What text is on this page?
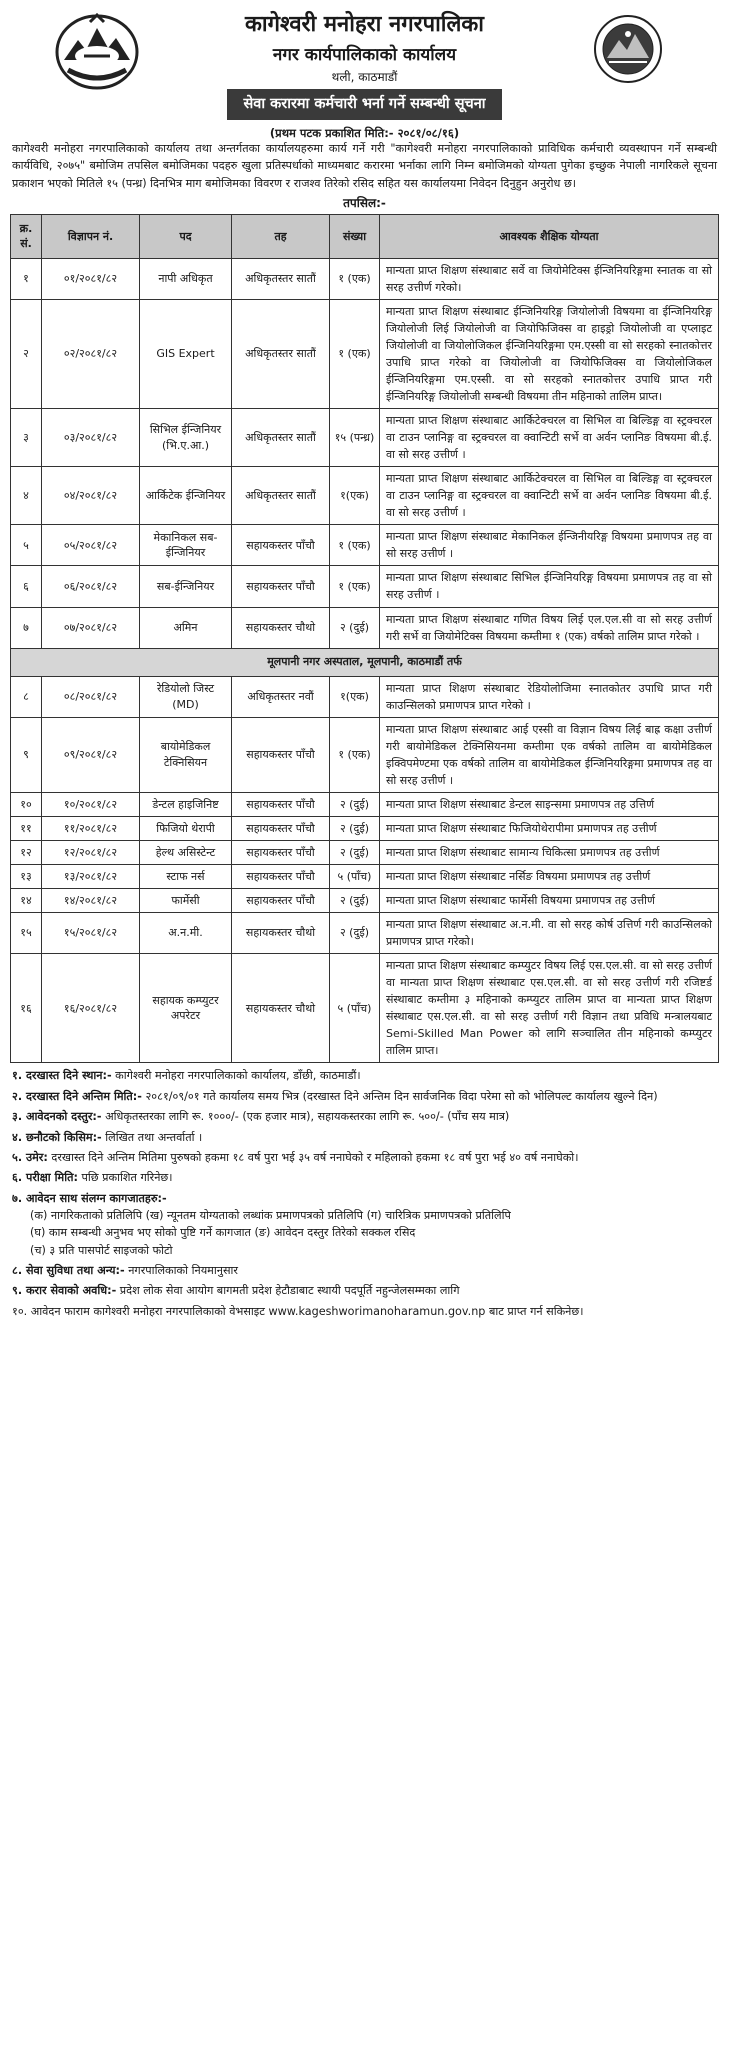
कागेश्वरी मनोहरा नगरपालिका
नगर कार्यपालिकाको कार्यालय
थली, काठमाडौं
सेवा करारमा कर्मचारी भर्ना गर्ने सम्बन्धी सूचना
(प्रथम पटक प्रकाशित मिति:- २०८१/०८/१६)
कागेश्वरी मनोहरा नगरपालिकाको कार्यालय तथा अन्तर्गतका कार्यालयहरुमा कार्य गर्ने गरी "कागेश्वरी मनोहरा नगरपालिकाको प्राविधिक कर्मचारी व्यवस्थापन गर्ने सम्बन्धी कार्यविधि, २०७५" बमोजिम तपसिल बमोजिमका पदहरु खुला प्रतिस्पर्धाको माध्यमबाट करारमा भर्नाका लागि निम्न बमोजिमको योग्यता पुगेका इच्छुक नेपाली नागरिकले सूचना प्रकाशन भएको मितिले १५ (पन्ध्र) दिनभित्र माग बमोजिमका विवरण र राजश्व तिरेको रसिद सहित यस कार्यालयमा निवेदन दिनुहुन अनुरोध छ।
तपसिल:-
क्र. सं.	विज्ञापन नं.	पद	तह	संख्या	आवश्यक शैक्षिक योग्यता
१	०१/२०८१/८२	नापी अधिकृत	अधिकृतस्तर सातौं	१ (एक)	मान्यता प्राप्त शिक्षण संस्थाबाट सर्वे वा जियोमेटिक्स ईन्जिनियरिङ्गमा स्नातक वा सो सरह उत्तीर्ण गरेको।
२	०२/२०८१/८२	GIS Expert	अधिकृतस्तर सातौं	१ (एक)	मान्यता प्राप्त शिक्षण संस्थाबाट ईन्जिनियरिङ्ग जियोलोजी विषयमा वा ईन्जिनियरिङ्ग जियोलोजी लिई जियोलोजी वा जियोफिजिक्स वा हाइड्रो जियोलोजी वा एप्लाइट जियोलोजी वा जियोलोजिकल ईन्जिनियरिङ्गमा एम.एस्सी वा सो सरहको स्नातकोत्तर उपाधि प्राप्त गरेको वा जियोलोजी वा जियोफिजिक्स वा जियोलोजिकल ईन्जिनियरिङ्गमा एम.एस्सी. वा सो सरहको स्नातकोत्तर उपाधि प्राप्त गरी ईन्जिनियरिङ्ग जियोलोजी सम्बन्धी विषयमा तीन महिनाको तालिम प्राप्त।
३	०३/२०८१/८२	सिभिल ईन्जिनियर (भि.ए.आ.)	अधिकृतस्तर सातौं	१५ (पन्ध्र)	मान्यता प्राप्त शिक्षण संस्थाबाट आर्किटेक्चरल वा सिभिल वा बिल्डिङ्ग वा स्ट्रक्चरल वा टाउन प्लानिङ्ग वा स्ट्रक्चरल वा क्वान्टिटी सर्भे वा अर्वन प्लानिङ विषयमा बी.ई. वा सो सरह उत्तीर्ण ।
४	०४/२०८१/८२	आर्किटेक ईन्जिनियर	अधिकृतस्तर सातौं	१(एक)	मान्यता प्राप्त शिक्षण संस्थाबाट आर्किटेक्चरल वा सिभिल वा बिल्डिङ्ग वा स्ट्रक्चरल वा टाउन प्लानिङ्ग वा स्ट्रक्चरल वा क्वान्टिटी सर्भे वा अर्वन प्लानिङ विषयमा बी.ई. वा सो सरह उत्तीर्ण ।
५	०५/२०८१/८२	मेकानिकल सब-ईन्जिनियर	सहायकस्तर पाँचौ	१ (एक)	मान्यता प्राप्त शिक्षण संस्थाबाट मेकानिकल ईन्जिनीयरिङ्ग विषयमा प्रमाणपत्र तह वा सो सरह उत्तीर्ण ।
६	०६/२०८१/८२	सब-ईन्जिनियर	सहायकस्तर पाँचौ	१ (एक)	मान्यता प्राप्त शिक्षण संस्थाबाट सिभिल ईन्जिनियरिङ्ग विषयमा प्रमाणपत्र तह वा सो सरह उत्तीर्ण ।
७	०७/२०८१/८२	अमिन	सहायकस्तर चौथो	२ (दुई)	मान्यता प्राप्त शिक्षण संस्थाबाट गणित विषय लिई एल.एल.सी वा सो सरह उत्तीर्ण गरी सर्भे वा जियोमेटिक्स विषयमा कम्तीमा १ (एक) वर्षको तालिम प्राप्त गरेको ।
मूलपानी नगर अस्पताल, मूलपानी, काठमाडौं तर्फ					
८	०८/२०८१/८२	रेडियोलो जिस्ट (MD)	अधिकृतस्तर नवौं	१(एक)	मान्यता प्राप्त शिक्षण संस्थाबाट रेडियोलोजिमा स्नातकोतर उपाधि प्राप्त गरी काउन्सिलको प्रमाणपत्र प्राप्त गरेको ।
९	०९/२०८१/८२	बायोमेडिकल टेक्निसियन	सहायकस्तर पाँचौ	१ (एक)	मान्यता प्राप्त शिक्षण संस्थाबाट आई एस्सी वा विज्ञान विषय लिई बाह्र कक्षा उत्तीर्ण गरी बायोमेडिकल टेक्निसियनमा कम्तीमा एक वर्षको तालिम वा बायोमेडिकल इक्विपमेण्टमा एक वर्षको तालिम वा बायोमेडिकल ईन्जिनियरिङ्गमा प्रमाणपत्र तह वा सो सरह उत्तीर्ण ।
१०	१०/२०८१/८२	डेन्टल हाइजिनिष्ट	सहायकस्तर पाँचौ	२ (दुई)	मान्यता प्राप्त शिक्षण संस्थाबाट डेन्टल साइन्समा प्रमाणपत्र तह उत्तिर्ण
११	११/२०८१/८२	फिजियो थेरापी	सहायकस्तर पाँचौ	२ (दुई)	मान्यता प्राप्त शिक्षण संस्थाबाट फिजियोथेरापीमा प्रमाणपत्र तह उत्तीर्ण
१२	१२/२०८१/८२	हेल्थ असिस्टेन्ट	सहायकस्तर पाँचौ	२ (दुई)	मान्यता प्राप्त शिक्षण संस्थाबाट सामान्य चिकित्सा प्रमाणपत्र तह उत्तीर्ण
१३	१३/२०८१/८२	स्टाफ नर्स	सहायकस्तर पाँचौ	५ (पाँच)	मान्यता प्राप्त शिक्षण संस्थाबाट नर्सिङ विषयमा प्रमाणपत्र तह उत्तीर्ण
१४	१४/२०८१/८२	फार्मेसी	सहायकस्तर पाँचौ	२ (दुई)	मान्यता प्राप्त शिक्षण संस्थाबाट फार्मेसी विषयमा प्रमाणपत्र तह उत्तीर्ण
१५	१५/२०८१/८२	अ.न.मी.	सहायकस्तर चौथो	२ (दुई)	मान्यता प्राप्त शिक्षण संस्थाबाट अ.न.मी. वा सो सरह कोर्ष उत्तिर्ण गरी काउन्सिलको प्रमाणपत्र प्राप्त गरेको।
१६	१६/२०८१/८२	सहायक कम्प्युटर अपरेटर	सहायकस्तर चौथो	५ (पाँच)	मान्यता प्राप्त शिक्षण संस्थाबाट कम्प्युटर विषय लिई एस.एल.सी. वा सो सरह उत्तीर्ण वा मान्यता प्राप्त शिक्षण संस्थाबाट एस.एल.सी. वा सो सरह उत्तीर्ण गरी रजिष्टर्ड संस्थाबाट कम्तीमा ३ महिनाको कम्प्युटर तालिम प्राप्त वा मान्यता प्राप्त शिक्षण संस्थाबाट एस.एल.सी. वा सो सरह उत्तीर्ण गरी विज्ञान तथा प्रविधि मन्त्रालयबाट Semi-Skilled Man Power को लागि सञ्चालित तीन महिनाको कम्प्युटर तालिम प्राप्त।
१. दरखास्त दिने स्थान:- कागेश्वरी मनोहरा नगरपालिकाको कार्यालय, डाँछी, काठमाडौं।
२. दरखास्त दिने अन्तिम मिति:- २०८१/०९/०१ गते कार्यालय समय भित्र (दरखास्त दिने अन्तिम दिन सार्वजनिक विदा परेमा सो को भोलिपल्ट कार्यालय खुल्ने दिन)
३. आवेदनको दस्तुर:- अधिकृतस्तरका लागि रू. १०००/- (एक हजार मात्र), सहायकस्तरका लागि रू. ५००/- (पाँच सय मात्र)
४. छनौटको किसिम:- लिखित तथा अन्तर्वार्ता ।
५. उमेर: दरखास्त दिने अन्तिम मितिमा पुरुषको हकमा १८ वर्ष पुरा भई ३५ वर्ष ननाघेको र महिलाको हकमा १८ वर्ष पुरा भई ४० वर्ष ननाघेको।
६. परीक्षा मिति: पछि प्रकाशित गरिनेछ।
७. आवेदन साथ संलग्न कागजातहरु:-
(क) नागरिकताको प्रतिलिपि (ख) न्यूनतम योग्यताको लब्धांक प्रमाणपत्रको प्रतिलिपि (ग) चारित्रिक प्रमाणपत्रको प्रतिलिपि
(घ) काम सम्बन्धी अनुभव भए सोको पुष्टि गर्ने कागजात (ङ) आवेदन दस्तुर तिरेको सक्कल रसिद
(च) ३ प्रति पासपोर्ट साइजको फोटो
८. सेवा सुविधा तथा अन्य:- नगरपालिकाको नियमानुसार
९. करार सेवाको अवधि:- प्रदेश लोक सेवा आयोग बागमती प्रदेश हेटौडाबाट स्थायी पदपूर्ति नहुन्जेलसम्मका लागि
१०. आवेदन फाराम कागेश्वरी मनोहरा नगरपालिकाको वेभसाइट www.kageshworimanoharamun.gov.np बाट प्राप्त गर्न सकिनेछ।
